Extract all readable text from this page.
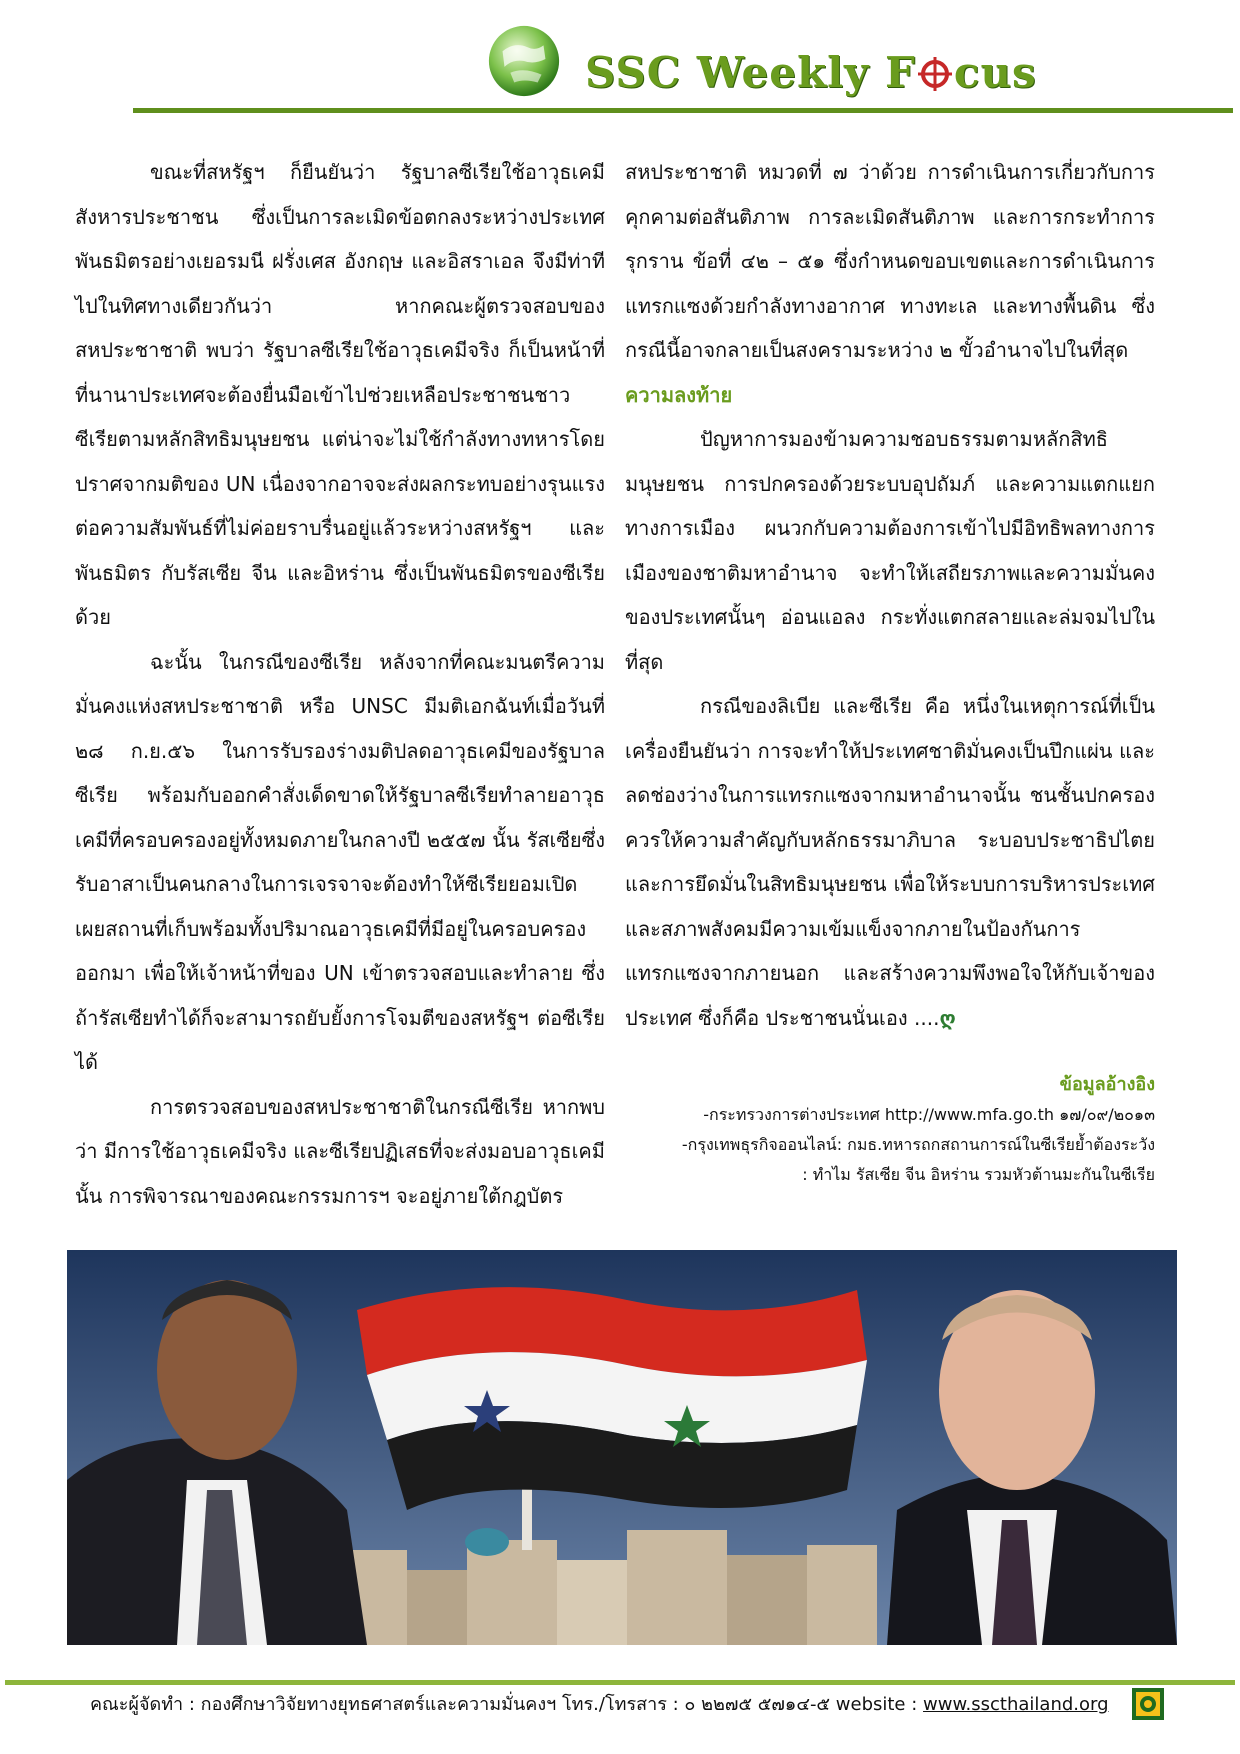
SSC Weekly F cus

ขณะที่สหรัฐฯ ก็ยืนยันว่า รัฐบาลซีเรียใช้อาวุธเคมีสังหารประชาชน ซึ่งเป็นการละเมิดข้อตกลงระหว่างประเทศ พันธมิตรอย่างเยอรมนี ฝรั่งเศส อังกฤษ และอิสราเอล จึงมีท่าทีไปในทิศทางเดียวกันว่า หากคณะผู้ตรวจสอบของสหประชาชาติ พบว่า รัฐบาลซีเรียใช้อาวุธเคมีจริง ก็เป็นหน้าที่ที่นานาประเทศจะต้องยื่นมือเข้าไปช่วยเหลือประชาชนชาวซีเรียตามหลักสิทธิมนุษยชน แต่น่าจะไม่ใช้กำลังทางทหารโดยปราศจากมติของ UN เนื่องจากอาจจะส่งผลกระทบอย่างรุนแรงต่อความสัมพันธ์ที่ไม่ค่อยราบรื่นอยู่แล้วระหว่างสหรัฐฯ และพันธมิตร กับรัสเซีย จีน และอิหร่าน ซึ่งเป็นพันธมิตรของซีเรียด้วย

ฉะนั้น ในกรณีของซีเรีย หลังจากที่คณะมนตรีความมั่นคงแห่งสหประชาชาติ หรือ UNSC มีมติเอกฉันท์เมื่อวันที่ ๒๘ ก.ย.๕๖ ในการรับรองร่างมติปลดอาวุธเคมีของรัฐบาลซีเรีย พร้อมกับออกคำสั่งเด็ดขาดให้รัฐบาลซีเรียทำลายอาวุธเคมีที่ครอบครองอยู่ทั้งหมดภายในกลางปี ๒๕๕๗ นั้น รัสเซียซึ่งรับอาสาเป็นคนกลางในการเจรจาจะต้องทำให้ซีเรียยอมเปิดเผยสถานที่เก็บพร้อมทั้งปริมาณอาวุธเคมีที่มีอยู่ในครอบครองออกมา เพื่อให้เจ้าหน้าที่ของ UN เข้าตรวจสอบและทำลาย ซึ่งถ้ารัสเซียทำได้ก็จะสามารถยับยั้งการโจมตีของสหรัฐฯ ต่อซีเรียได้

การตรวจสอบของสหประชาชาติในกรณีซีเรีย หากพบว่า มีการใช้อาวุธเคมีจริง และซีเรียปฏิเสธที่จะส่งมอบอาวุธเคมีนั้น การพิจารณาของคณะกรรมการฯ จะอยู่ภายใต้กฎบัตร

สหประชาชาติ หมวดที่ ๗ ว่าด้วย การดำเนินการเกี่ยวกับการคุกคามต่อสันติภาพ การละเมิดสันติภาพ และการกระทำการรุกราน ข้อที่ ๔๒ – ๕๑ ซึ่งกำหนดขอบเขตและการดำเนินการแทรกแซงด้วยกำลังทางอากาศ ทางทะเล และทางพื้นดิน ซึ่งกรณีนี้อาจกลายเป็นสงครามระหว่าง ๒ ขั้วอำนาจไปในที่สุด

ความลงท้าย

ปัญหาการมองข้ามความชอบธรรมตามหลักสิทธิมนุษยชน การปกครองด้วยระบบอุปถัมภ์ และความแตกแยกทางการเมือง ผนวกกับความต้องการเข้าไปมีอิทธิพลทางการเมืองของชาติมหาอำนาจ จะทำให้เสถียรภาพและความมั่นคงของประเทศนั้นๆ อ่อนแอลง กระทั่งแตกสลายและล่มจมไปในที่สุด

กรณีของลิเบีย และซีเรีย คือ หนึ่งในเหตุการณ์ที่เป็นเครื่องยืนยันว่า การจะทำให้ประเทศชาติมั่นคงเป็นปึกแผ่น และลดช่องว่างในการแทรกแซงจากมหาอำนาจนั้น ชนชั้นปกครองควรให้ความสำคัญกับหลักธรรมาภิบาล ระบอบประชาธิปไตย และการยึดมั่นในสิทธิมนุษยชน เพื่อให้ระบบการบริหารประเทศและสภาพสังคมมีความเข้มแข็งจากภายในป้องกันการแทรกแซงจากภายนอก และสร้างความพึงพอใจให้กับเจ้าของประเทศ ซึ่งก็คือ ประชาชนนั่นเอง ....ღ

ข้อมูลอ้างอิง
-กระทรวงการต่างประเทศ http://www.mfa.go.th ๑๗/๐๙/๒๐๑๓
-กรุงเทพธุรกิจออนไลน์: กมธ.ทหารถกสถานการณ์ในซีเรียย้ำต้องระวัง
: ทำไม รัสเซีย จีน อิหร่าน รวมหัวต้านมะกันในซีเรีย
คณะผู้จัดทำ : กองศึกษาวิจัยทางยุทธศาสตร์และความมั่นคงฯ โทร./โทรสาร : ๐ ๒๒๗๕ ๕๗๑๔-๕ website : www.sscthailand.org
